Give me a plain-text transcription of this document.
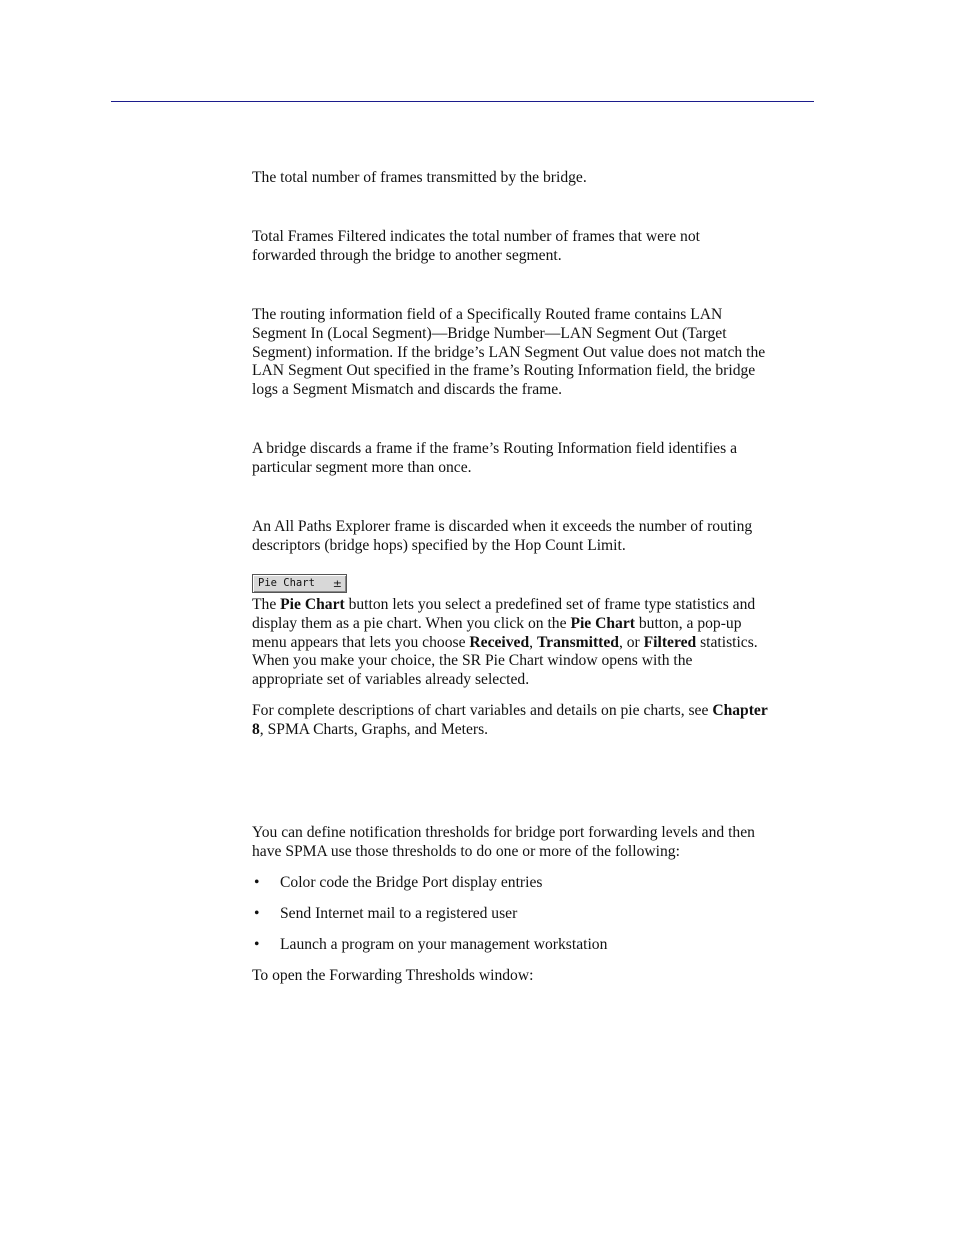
The total number of frames transmitted by the bridge.

Total Frames Filtered indicates the total number of frames that were not
forwarded through the bridge to another segment.
The routing information field of a Specifically Routed frame contains LAN
Segment In (Local Segment)—Bridge Number—LAN Segment Out (Target
Segment) information. If the bridge’s LAN Segment Out value does not match the
LAN Segment Out specified in the frame’s Routing Information field, the bridge
logs a Segment Mismatch and discards the frame.
A bridge discards a frame if the frame’s Routing Information field identifies a
particular segment more than once.
An All Paths Explorer frame is discarded when it exceeds the number of routing
descriptors (bridge hops) specified by the Hop Count Limit.
Pie Chart ±
The Pie Chart button lets you select a predefined set of frame type statistics and
display them as a pie chart. When you click on the Pie Chart button, a pop-up
menu appears that lets you choose Received, Transmitted, or Filtered statistics.
When you make your choice, the SR Pie Chart window opens with the
appropriate set of variables already selected.
For complete descriptions of chart variables and details on pie charts, see Chapter
8, SPMA Charts, Graphs, and Meters.
You can define notification thresholds for bridge port forwarding levels and then
have SPMA use those thresholds to do one or more of the following:
• Color code the Bridge Port display entries
• Send Internet mail to a registered user
• Launch a program on your management workstation

To open the Forwarding Thresholds window:
